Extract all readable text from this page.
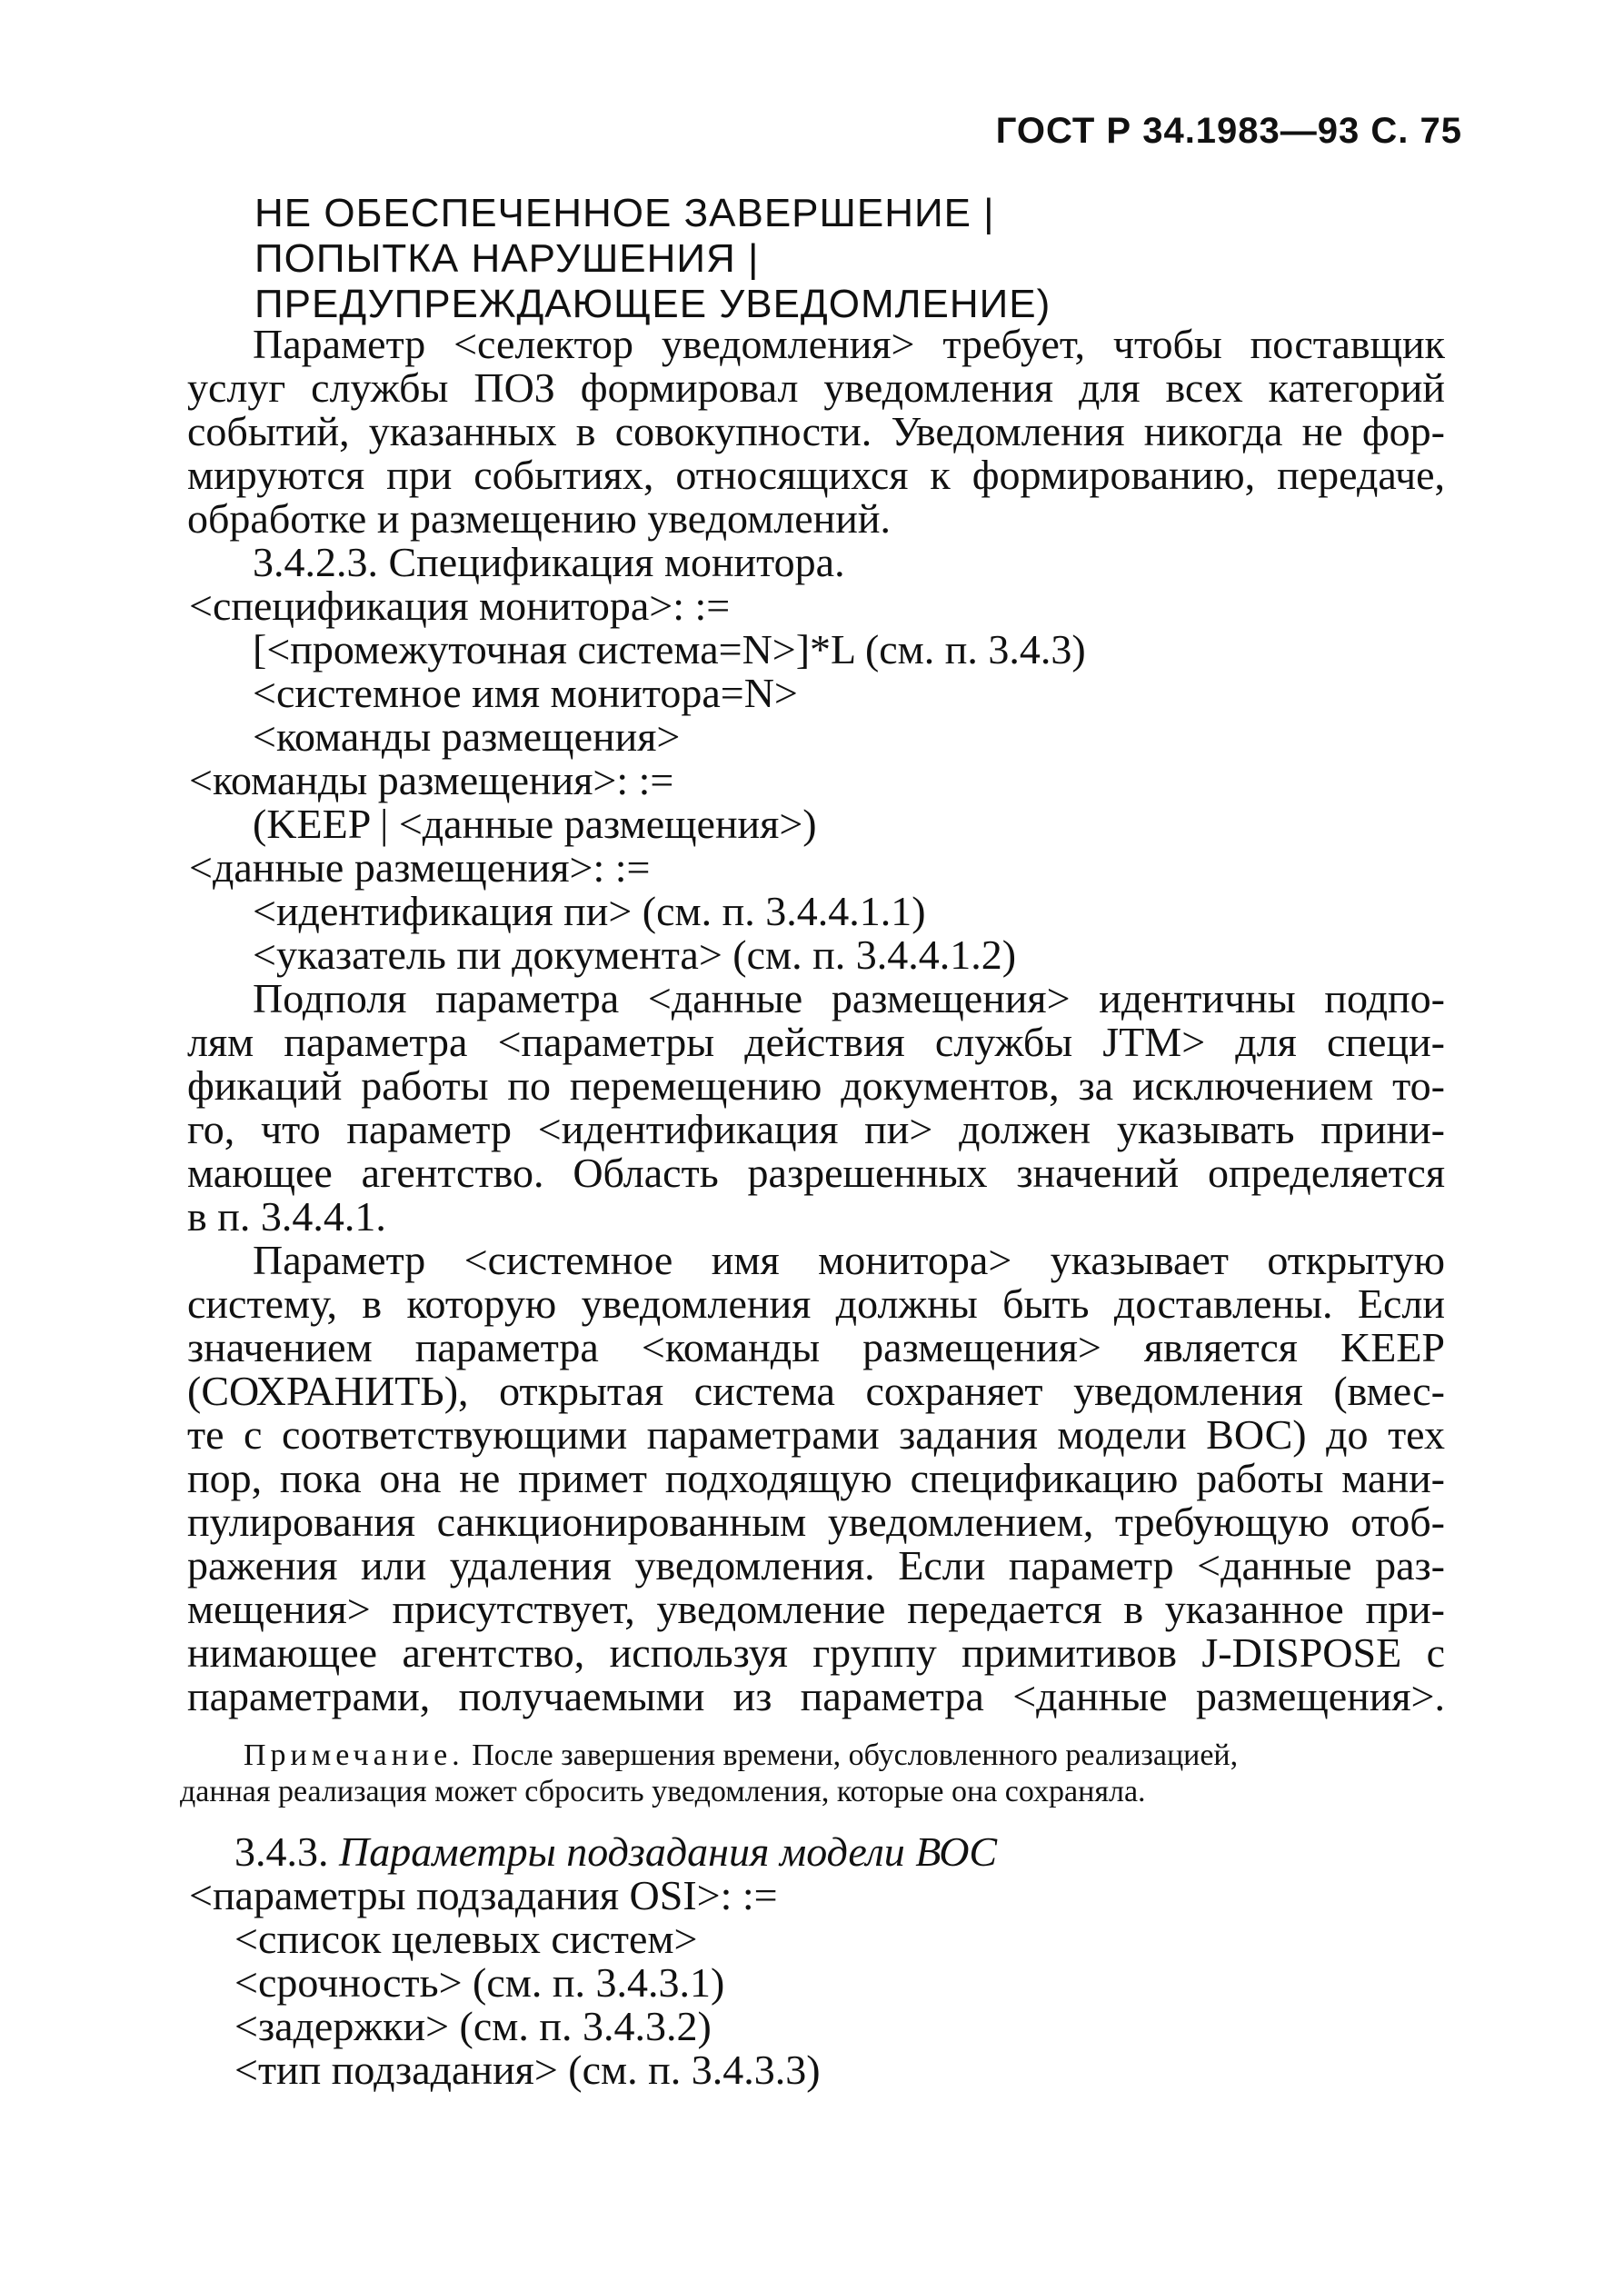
ГОСТ Р 34.1983—93 С. 75
НЕ ОБЕСПЕЧЕННОЕ ЗАВЕРШЕНИЕ |
ПОПЫТКА НАРУШЕНИЯ |
ПРЕДУПРЕЖДАЮЩЕЕ УВЕДОМЛЕНИЕ)
Параметр <селектор уведомления> требует, чтобы поставщик
услуг службы ПОЗ формировал уведомления для всех категорий
событий, указанных в совокупности. Уведомления никогда не фор-
мируются при событиях, относящихся к формированию, передаче,
обработке и размещению уведомлений.
3.4.2.3. Спецификация монитора.
<спецификация монитора>: :=
[<промежуточная система=N>]*L (см. п. 3.4.3)
<системное имя монитора=N>
<команды размещения>
<команды размещения>: :=
(KEEP | <данные размещения>)
<данные размещения>: :=
<идентификация пи> (см. п. 3.4.4.1.1)
<указатель пи документа> (см. п. 3.4.4.1.2)
Подполя параметра <данные размещения> идентичны подпо-
лям параметра <параметры действия службы JTM> для специ-
фикаций работы по перемещению документов, за исключением то-
го, что параметр <идентификация пи> должен указывать прини-
мающее агентство. Область разрешенных значений определяется
в п. 3.4.4.1.
Параметр <системное имя монитора> указывает открытую
систему, в которую уведомления должны быть доставлены. Если
значением параметра <команды размещения> является KEEP
(СОХРАНИТЬ), открытая система сохраняет уведомления (вмес-
те с соответствующими параметрами задания модели ВОС) до тех
пор, пока она не примет подходящую спецификацию работы мани-
пулирования санкционированным уведомлением, требующую отоб-
ражения или удаления уведомления. Если параметр <данные раз-
мещения> присутствует, уведомление передается в указанное при-
нимающее агентство, используя группу примитивов J-DISPOSE с
параметрами, получаемыми из параметра <данные размещения>.
Примечание. После завершения времени, обусловленного реализацией,
данная реализация может сбросить уведомления, которые она сохраняла.
3.4.3. Параметры подзадания модели ВОС
<параметры подзадания OSI>: :=
<список целевых систем>
<срочность> (см. п. 3.4.3.1)
<задержки> (см. п. 3.4.3.2)
<тип подзадания> (см. п. 3.4.3.3)
